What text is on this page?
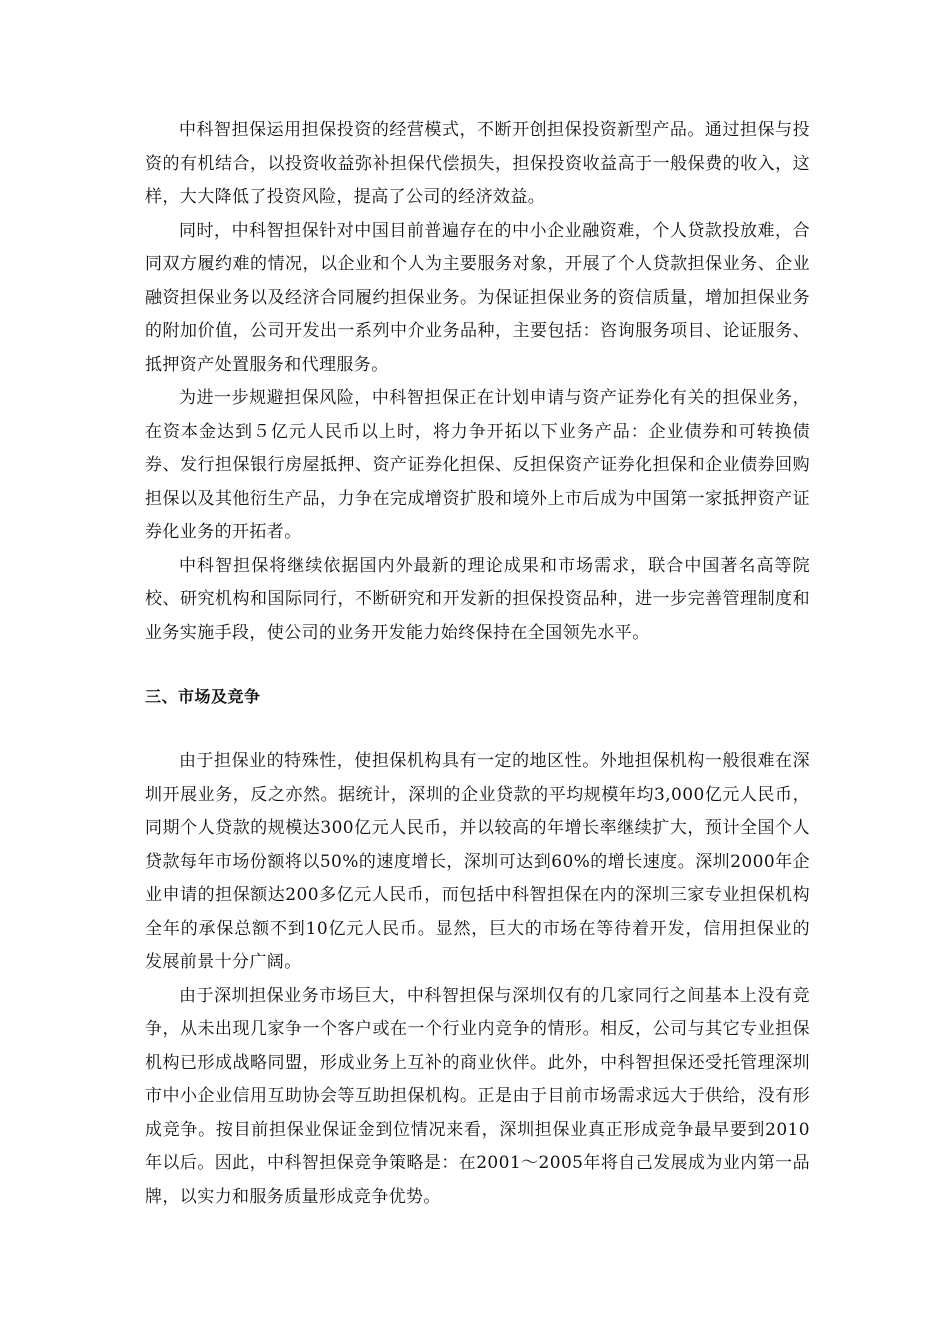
中科智担保运用担保投资的经营模式，不断开创担保投资新型产品。通过担保与投资的有机结合，以投资收益弥补担保代偿损失，担保投资收益高于一般保费的收入，这样，大大降低了投资风险，提高了公司的经济效益。

同时，中科智担保针对中国目前普遍存在的中小企业融资难，个人贷款投放难，合同双方履约难的情况，以企业和个人为主要服务对象，开展了个人贷款担保业务、企业融资担保业务以及经济合同履约担保业务。为保证担保业务的资信质量，增加担保业务的附加价值，公司开发出一系列中介业务品种，主要包括：咨询服务项目、论证服务、抵押资产处置服务和代理服务。

为进一步规避担保风险，中科智担保正在计划申请与资产证券化有关的担保业务，在资本金达到５亿元人民币以上时，将力争开拓以下业务产品：企业债券和可转换债券、发行担保银行房屋抵押、资产证券化担保、反担保资产证券化担保和企业债券回购担保以及其他衍生产品，力争在完成增资扩股和境外上市后成为中国第一家抵押资产证券化业务的开拓者。

中科智担保将继续依据国内外最新的理论成果和市场需求，联合中国著名高等院校、研究机构和国际同行，不断研究和开发新的担保投资品种，进一步完善管理制度和业务实施手段，使公司的业务开发能力始终保持在全国领先水平。

三、市场及竞争

由于担保业的特殊性，使担保机构具有一定的地区性。外地担保机构一般很难在深圳开展业务，反之亦然。据统计，深圳的企业贷款的平均规模年均3,000亿元人民币，同期个人贷款的规模达300亿元人民币，并以较高的年增长率继续扩大，预计全国个人贷款每年市场份额将以50%的速度增长，深圳可达到60%的增长速度。深圳2000年企业申请的担保额达200多亿元人民币，而包括中科智担保在内的深圳三家专业担保机构全年的承保总额不到10亿元人民币。显然，巨大的市场在等待着开发，信用担保业的发展前景十分广阔。

由于深圳担保业务市场巨大，中科智担保与深圳仅有的几家同行之间基本上没有竞争，从未出现几家争一个客户或在一个行业内竞争的情形。相反，公司与其它专业担保机构已形成战略同盟，形成业务上互补的商业伙伴。此外，中科智担保还受托管理深圳市中小企业信用互助协会等互助担保机构。正是由于目前市场需求远大于供给，没有形成竞争。按目前担保业保证金到位情况来看，深圳担保业真正形成竞争最早要到2010年以后。因此，中科智担保竞争策略是：在2001～2005年将自己发展成为业内第一品牌，以实力和服务质量形成竞争优势。
